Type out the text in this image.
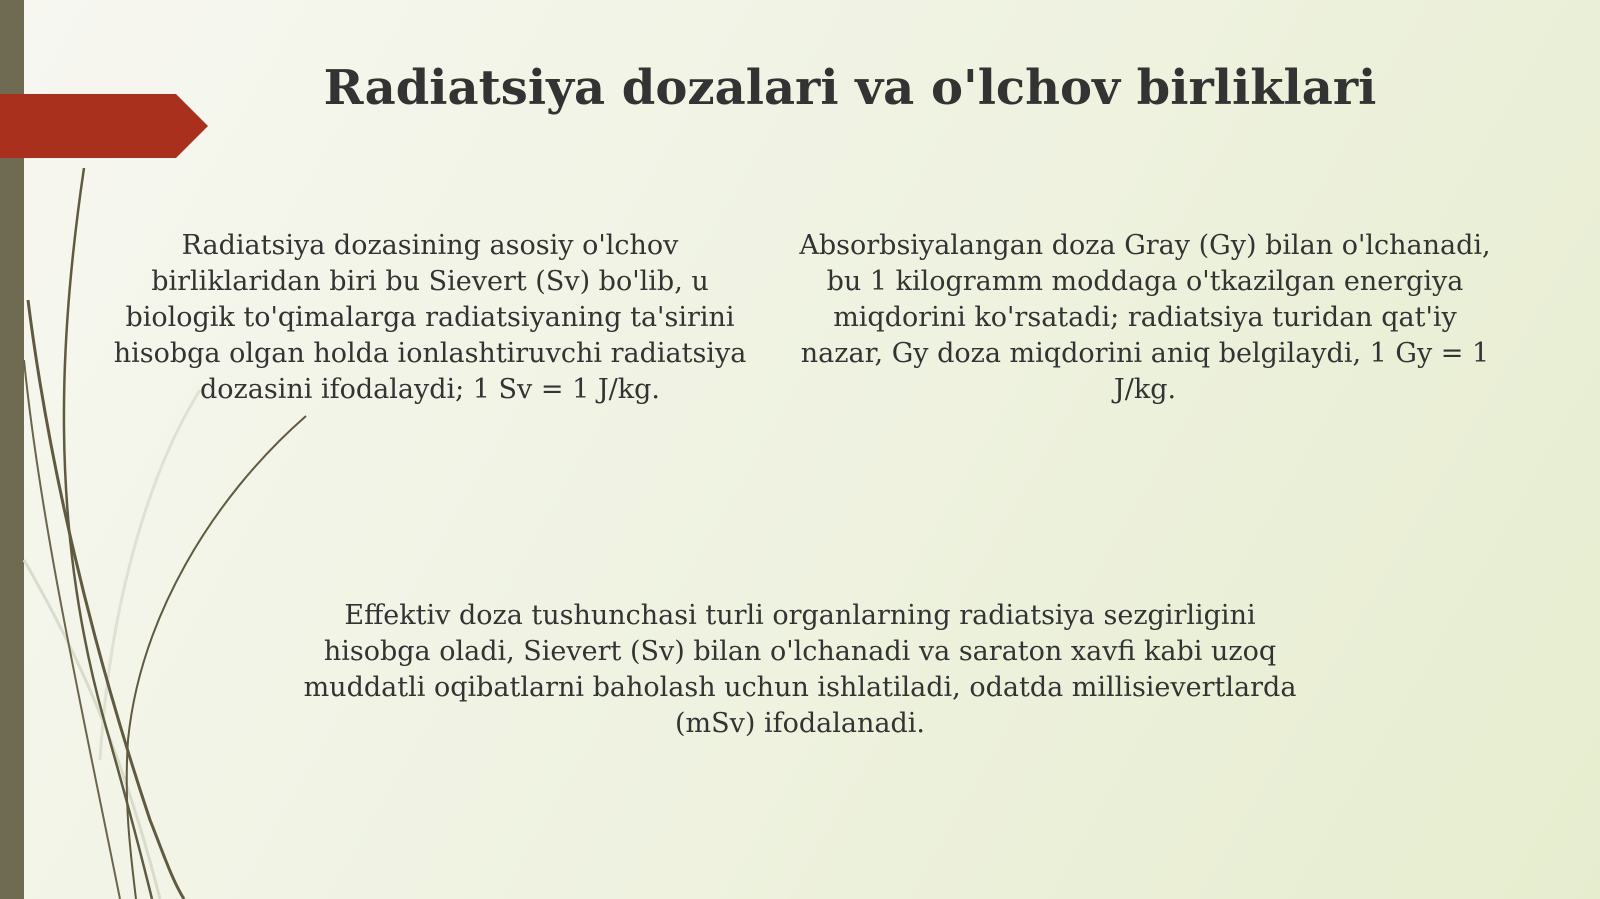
Radiatsiya dozalari va o'lchov birliklari
Radiatsiya dozasining asosiy o'lchov birliklaridan biri bu Sievert (Sv) bo'lib, u biologik to'qimalarga radiatsiyaning ta'sirini hisobga olgan holda ionlashtiruvchi radiatsiya dozasini ifodalaydi; 1 Sv = 1 J/kg.
Absorbsiyalangan doza Gray (Gy) bilan o'lchanadi, bu 1 kilogramm moddaga o'tkazilgan energiya miqdorini ko'rsatadi; radiatsiya turidan qat'iy nazar, Gy doza miqdorini aniq belgilaydi, 1 Gy = 1 J/kg.
Effektiv doza tushunchasi turli organlarning radiatsiya sezgirligini hisobga oladi, Sievert (Sv) bilan o'lchanadi va saraton xavfi kabi uzoq muddatli oqibatlarni baholash uchun ishlatiladi, odatda millisievertlarda (mSv) ifodalanadi.
